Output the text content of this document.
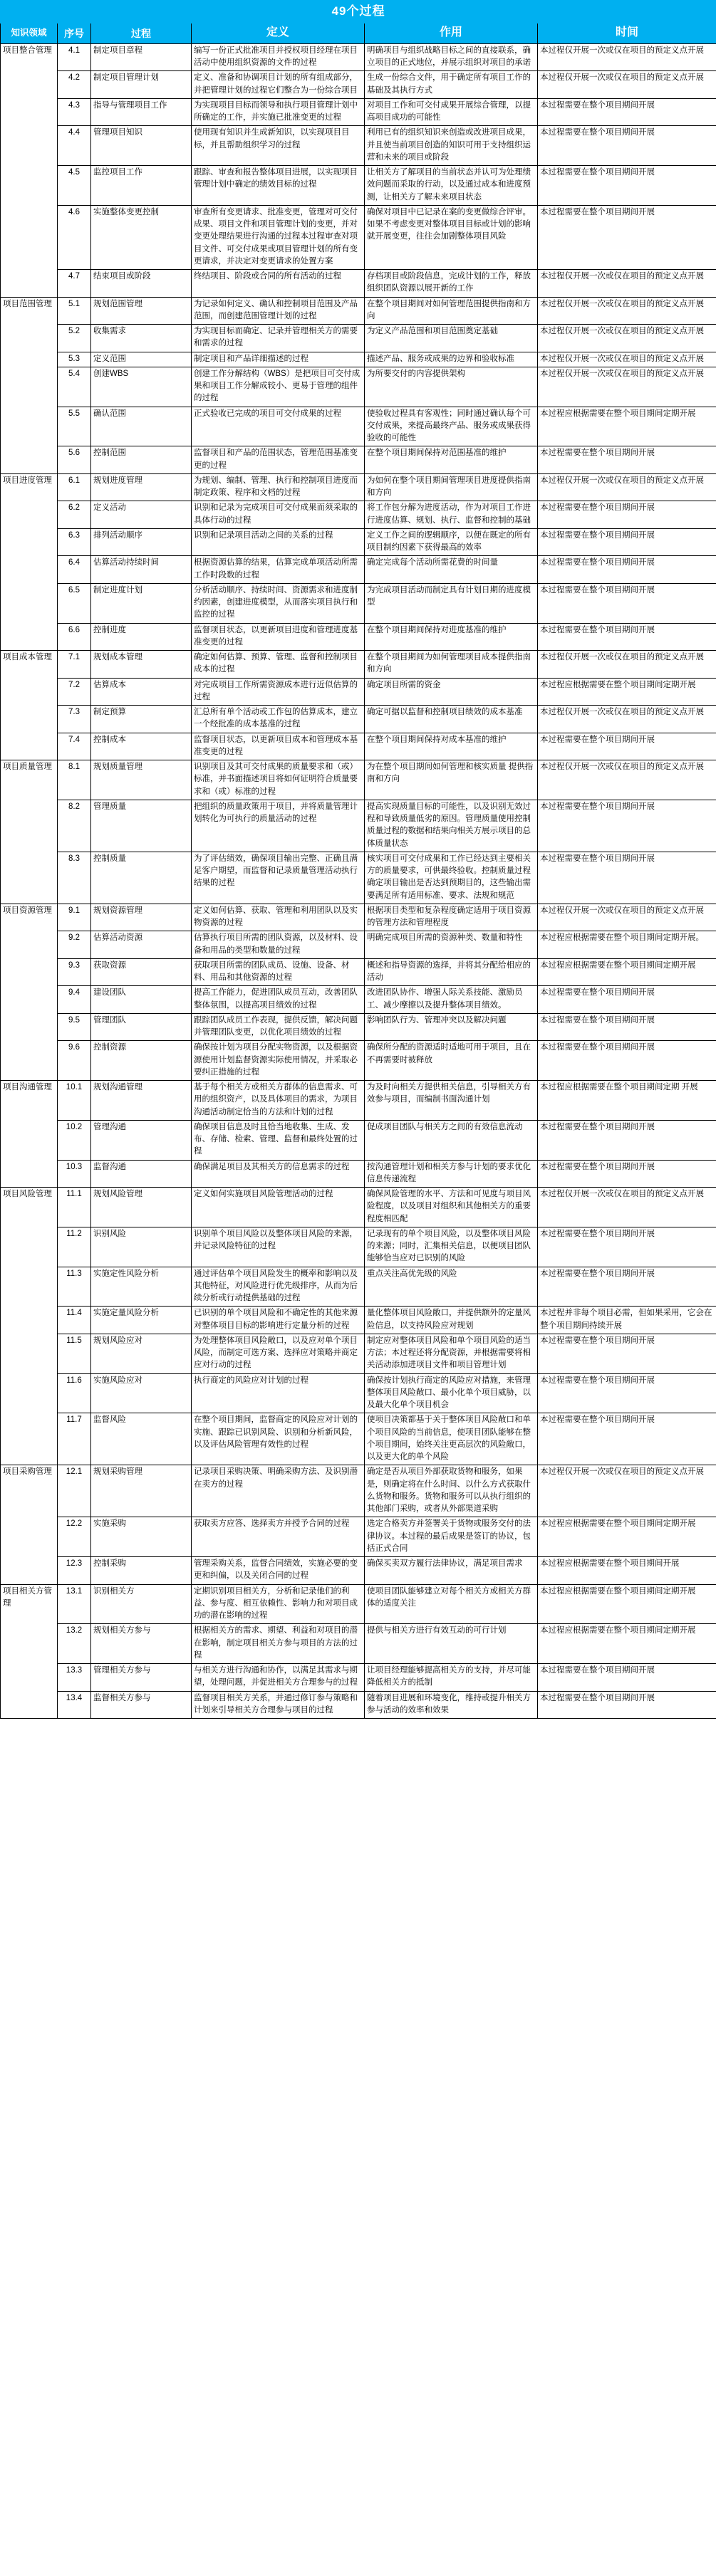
49个过程					
知识领域	序号	过程	定义	作用	时间
项目整合管理	4.1	制定项目章程	编写一份正式批准项目并授权项目经理在项目活动中使用组织资源的文件的过程	明确项目与组织战略目标之间的直接联系，确立项目的正式地位，并展示组织对项目的承诺	本过程仅开展一次或仅在项目的预定义点开展
	4.2	制定项目管理计划	定义、准备和协调项目计划的所有组成部分，并把管理计划的过程它们整合为一份综合项目	生成一份综合文件，用于确定所有项目工作的基础及其执行方式	本过程仅开展一次或仅在项目的预定义点开展
	4.3	指导与管理项目工作	为实现项目目标而领导和执行项目管理计划中所确定的工作，并实施已批准变更的过程	对项目工作和可交付成果开展综合管理，以提高项目成功的可能性	本过程需要在整个项目期间开展
	4.4	管理项目知识	使用现有知识并生成新知识，以实现项目目标，并且帮助组织学习的过程	利用已有的组织知识来创造或改进项目成果，并且使当前项目创造的知识可用于支持组织运营和未来的项目或阶段	本过程需要在整个项目期间开展
	4.5	监控项目工作	跟踪、审查和报告整体项目进展，以实现项目管理计划中确定的绩效目标的过程	让相关方了解项目的当前状态并认可为处理绩效问题而采取的行动，以及通过成本和进度预测，让相关方了解未来项目状态	本过程需要在整个项目期间开展
	4.6	实施整体变更控制	审查所有变更请求、批准变更，管理对可交付成果、项目文件和项目管理计划的变更，并对变更处理结果进行沟通的过程本过程审查对项目文件、可交付成果或项目管理计划的所有变更请求，并决定对变更请求的处置方案	确保对项目中已记录在案的变更做综合评审。如果不考虑变更对整体项目目标或计划的影响就开展变更，往往会加剧整体项目风险	本过程需要在整个项目期间开展
	4.7	结束项目或阶段	终结项目、阶段或合同的所有活动的过程	存档项目或阶段信息，完成计划的工作，释放组织团队资源以展开新的工作	本过程仅开展一次或仅在项目的预定义点开展
项目范围管理	5.1	规划范围管理	为记录如何定义、确认和控制项目范围及产品范围，而创建范围管理计划的过程	在整个项目期间对如何管理范围提供指南和方向	本过程仅开展一次或仅在项目的预定义点开展
	5.2	收集需求	为实现目标而确定、记录并管理相关方的需要和需求的过程	为定义产品范围和项目范围奠定基础	本过程仅开展一次或仅在项目的预定义点开展
	5.3	定义范围	制定项目和产品详细描述的过程	描述产品、服务或成果的边界和验收标准	本过程仅开展一次或仅在项目的预定义点开展
	5.4	创建WBS	创建工作分解结构（WBS）是把项目可交付成果和项目工作分解成较小、更易于管理的组件的过程	为所要交付的内容提供架构	本过程仅开展一次或仅在项目的预定义点开展
	5.5	确认范围	正式验收已完成的项目可交付成果的过程	使验收过程具有客观性；同时通过确认每个可交付成果，来提高最终产品、服务或成果获得验收的可能性	本过程应根据需要在整个项目期间定期开展
	5.6	控制范围	监督项目和产品的范围状态，管理范围基准变更的过程	在整个项目期间保持对范围基准的维护	本过程需要在整个项目期间开展
项目进度管理	6.1	规划进度管理	为规划、编制、管理、执行和控制项目进度而制定政策、程序和文档的过程	为如何在整个项目期间管理项目进度提供指南和方向	本过程仅开展一次或仅在项目的预定义点开展
	6.2	定义活动	识别和记录为完成项目可交付成果而须采取的具体行动的过程	将工作包分解为进度活动，作为对项目工作进行进度估算、规划、执行、监督和控制的基础	本过程需要在整个项目期间开展
	6.3	排列活动顺序	识别和记录项目活动之间的关系的过程	定义工作之间的逻辑顺序，以便在既定的所有项目制约因素下获得最高的效率	本过程需要在整个项目期间开展
	6.4	估算活动持续时间	根据资源估算的结果，估算完成单项活动所需工作时段数的过程	确定完成每个活动所需花费的时间量	本过程需要在整个项目期间开展
	6.5	制定进度计划	分析活动顺序、持续时间、资源需求和进度制约因素，创建进度模型，从而落实项目执行和监控的过程	为完成项目活动而制定具有计划日期的进度模型	本过程需要在整个项目期间开展
	6.6	控制进度	监督项目状态，以更新项目进度和管理进度基准变更的过程	在整个项目期间保持对进度基准的维护	本过程需要在整个项目期间开展
项目成本管理	7.1	规划成本管理	确定如何估算、预算、管理、监督和控制项目成本的过程	在整个项目期间为如何管理项目成本提供指南和方向	本过程仅开展一次或仅在项目的预定义点开展
	7.2	估算成本	对完成项目工作所需资源成本进行近似估算的过程	确定项目所需的资金	本过程应根据需要在整个项目期间定期开展
	7.3	制定预算	汇总所有单个活动或工作包的估算成本，建立一个经批准的成本基准的过程	确定可据以监督和控制项目绩效的成本基准	本过程仅开展一次或仅在项目的预定义点开展
	7.4	控制成本	监督项目状态，以更新项目成本和管理成本基准变更的过程	在整个项目期间保持对成本基准的维护	本过程需要在整个项目期间开展
项目质量管理	8.1	规划质量管理	识别项目及其可交付成果的质量要求和（或）标准，并书面描述项目将如何证明符合质量要求和（或）标准的过程	为在整个项目期间如何管理和核实质量 提供指南和方向	本过程仅开展一次或仅在项目的预定义点开展
	8.2	管理质量	把组织的质量政策用于项目，并将质量管理计划转化为可执行的质量活动的过程	提高实现质量目标的可能性，以及识别无效过程和导致质量低劣的原因。管理质量使用控制质量过程的数据和结果向相关方展示项目的总体质量状态	本过程需要在整个项目期间开展
	8.3	控制质量	为了评估绩效，确保项目输出完整、正确且满足客户期望，而监督和记录质量管理活动执行结果的过程	核实项目可交付成果和工作已经达到主要相关方的质量要求，可供最终验收。控制质量过程确定项目输出是否达到预期目的，这些输出需要满足所有适用标准、要求、法规和规范	本过程需要在整个项目期间开展
项目资源管理	9.1	规划资源管理	定义如何估算、获取、管理和利用团队以及实物资源的过程	根据项目类型和复杂程度确定适用于项目资源的管理方法和管理程度	本过程仅开展一次或仅在项目的预定义点开展
	9.2	估算活动资源	估算执行项目所需的团队资源，以及材料、设备和用品的类型和数量的过程	明确完成项目所需的资源种类、数量和特性	本过程应根据需要在整个项目期间定期开展。
	9.3	获取资源	获取项目所需的团队成员、设施、设备、材料、用品和其他资源的过程	概述和指导资源的选择，并将其分配给相应的活动	本过程应根据需要在整个项目期间定期开展
	9.4	建设团队	提高工作能力，促进团队成员互动，改善团队整体氛围，以提高项目绩效的过程	改进团队协作、增强人际关系技能、激励员工、减少摩擦以及提升整体项目绩效。	本过程需要在整个项目期间开展
	9.5	管理团队	跟踪团队成员工作表现，提供反馈，解决问题并管理团队变更，以优化项目绩效的过程	影响团队行为、管理冲突以及解决问题	本过程需要在整个项目期间开展
	9.6	控制资源	确保按计划为项目分配实物资源，以及根据资源使用计划监督资源实际使用情况，并采取必要纠正措施的过程	确保所分配的资源适时适地可用于项目，且在 不再需要时被释放	本过程需要在整个项目期间开展
项目沟通管理	10.1	规划沟通管理	基于每个相关方或相关方群体的信息需求、可用的组织资产，以及具体项目的需求，为项目沟通活动制定恰当的方法和计划的过程	为及时向相关方提供相关信息，引导相关方有效参与项目，而编制书面沟通计划	本过程应根据需要在整个项目期间定期 开展
	10.2	管理沟通	确保项目信息及时且恰当地收集、生成、发布、存储、检索、管理、监督和最终处置的过程	促成项目团队与相关方之间的有效信息流动	本过程需要在整个项目期间开展
	10.3	监督沟通	确保满足项目及其相关方的信息需求的过程	按沟通管理计划和相关方参与计划的要求优化信息传递流程	本过程需要在整个项目期间开展
项目风险管理	11.1	规划风险管理	定义如何实施项目风险管理活动的过程	确保风险管理的水平、方法和可见度与项目风险程度，以及项目对组织和其他相关方的重要程度相匹配	本过程仅开展一次或仅在项目的预定义点开展
	11.2	识别风险	识别单个项目风险以及整体项目风险的来源，并记录风险特征的过程	记录现有的单个项目风险，以及整体项目风险的来源；同时，汇集相关信息，以便项目团队能够恰当应对已识别的风险	本过程需要在整个项目期间开展
	11.3	实施定性风险分析	通过评估单个项目风险发生的概率和影响以及其他特征，对风险进行优先级排序，从而为后续分析或行动提供基础的过程	重点关注高优先级的风险	本过程需要在整个项目期间开展
	11.4	实施定量风险分析	已识别的单个项目风险和不确定性的其他来源对整体项目目标的影响进行定量分析的过程	量化整体项目风险敞口，并提供额外的定量风险信息，以支持风险应对规划	本过程并非每个项目必需，但如果采用，它会在整个项目期间持续开展
	11.5	规划风险应对	为处理整体项目风险敞口，以及应对单个项目风险，而制定可选方案、选择应对策略并商定应对行动的过程	制定应对整体项目风险和单个项目风险的适当方法；本过程还将分配资源，并根据需要将相关活动添加进项目文件和项目管理计划	本过程需要在整个项目期间开展
	11.6	实施风险应对	执行商定的风险应对计划的过程	确保按计划执行商定的风险应对措施，来管理整体项目风险敞口、最小化单个项目威胁，以及最大化单个项目机会	本过程需要在整个项目期间开展
	11.7	监督风险	在整个项目期间，监督商定的风险应对计划的实施、跟踪已识别风险、识别和分析新风险，以及评估风险管理有效性的过程	使项目决策都基于关于整体项目风险敞口和单个项目风险的当前信息，使项目团队能够在整个项目期间，始终关注更高层次的风险敞口，以及更大化的单个风险	本过程需要在整个项目期间开展
项目采购管理	12.1	规划采购管理	记录项目采购决策、明确采购方法、及识别潜在卖方的过程	确定是否从项目外部获取货物和服务，如果是，则确定将在什么时间、以什么方式获取什么货物和服务。货物和服务可以从执行组织的其他部门采购，或者从外部渠道采购	本过程仅开展一次或仅在项目的预定义点开展
	12.2	实施采购	获取卖方应答、选择卖方并授予合同的过程	选定合格卖方并签署关于货物或服务交付的法律协议。本过程的最后成果是签订的协议，包括正式合同	本过程应根据需要在整个项目期间定期开展
	12.3	控制采购	管理采购关系，监督合同绩效，实施必要的变更和纠偏，以及关闭合同的过程	确保买卖双方履行法律协议，满足项目需求	本过程应根据需要在整个项目期间开展
项目相关方管理	13.1	识别相关方	定期识别项目相关方，分析和记录他们的利益、参与度、相互依赖性、影响力和对项目成功的潜在影响的过程	使项目团队能够建立对每个相关方或相关方群 体的适度关注	本过程应根据需要在整个项目期间定期开展
	13.2	规划相关方参与	根据相关方的需求、期望、利益和对项目的潜在影响，制定项目相关方参与项目的方法的过程	提供与相关方进行有效互动的可行计划	本过程应根据需要在整个项目期间定期开展
	13.3	管理相关方参与	与相关方进行沟通和协作，以满足其需求与期望，处理问题，并促进相关方合理参与的过程	让项目经理能够提高相关方的支持，并尽可能降低相关方的抵制	本过程需要在整个项目期间开展
	13.4	监督相关方参与	监督项目相关方关系，并通过修订参与策略和计划来引导相关方合理参与项目的过程	随着项目进展和环境变化，维持或提升相关方参与活动的效率和效果	本过程需要在整个项目期间开展
